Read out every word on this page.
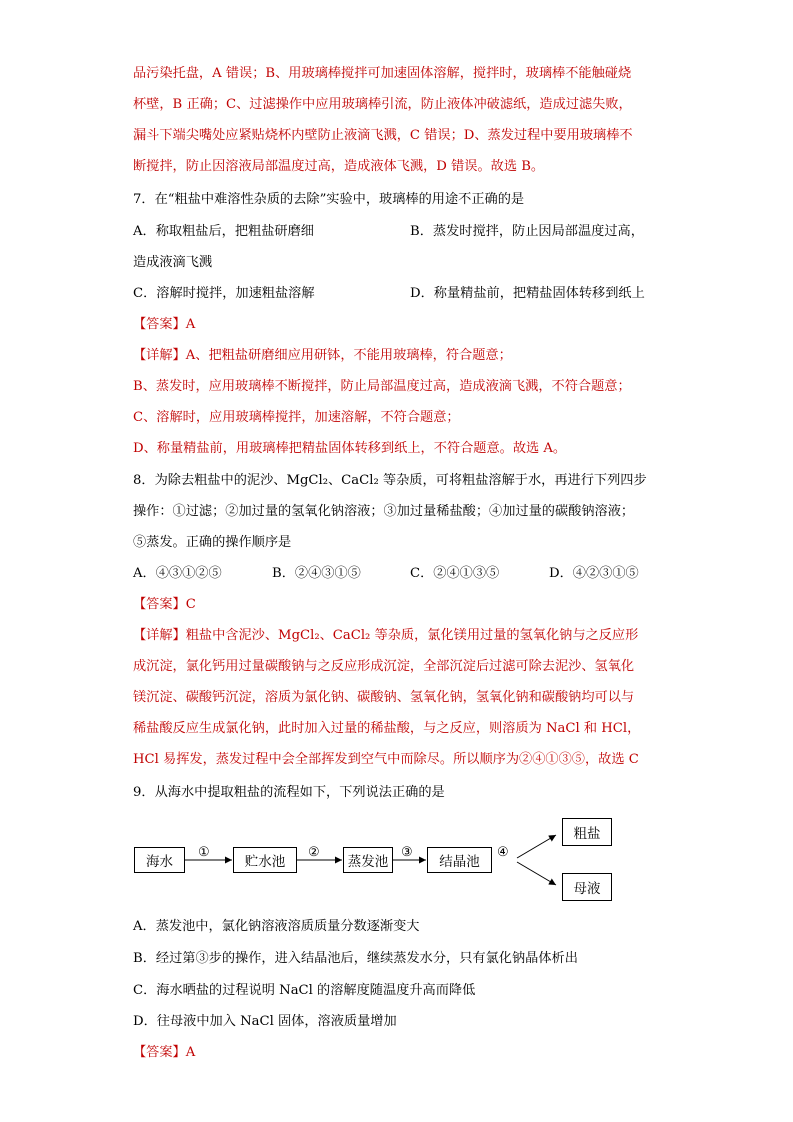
品污染托盘，A 错误；B、用玻璃棒搅拌可加速固体溶解，搅拌时，玻璃棒不能触碰烧
杯壁，B 正确；C、过滤操作中应用玻璃棒引流，防止液体冲破滤纸，造成过滤失败，
漏斗下端尖嘴处应紧贴烧杯内壁防止液滴飞溅，C 错误；D、蒸发过程中要用玻璃棒不
断搅拌，防止因溶液局部温度过高，造成液体飞溅，D 错误。故选 B。
7．在“粗盐中难溶性杂质的去除”实验中，玻璃棒的用途不正确的是
A．称取粗盐后，把粗盐研磨细	B．蒸发时搅拌，防止因局部温度过高，
造成液滴飞溅
C．溶解时搅拌，加速粗盐溶解	D．称量精盐前，把精盐固体转移到纸上
【答案】A
【详解】A、把粗盐研磨细应用研钵，不能用玻璃棒，符合题意；
B、蒸发时，应用玻璃棒不断搅拌，防止局部温度过高，造成液滴飞溅，不符合题意；
C、溶解时，应用玻璃棒搅拌，加速溶解，不符合题意；
D、称量精盐前，用玻璃棒把精盐固体转移到纸上，不符合题意。故选 A。
8．为除去粗盐中的泥沙、MgCl₂、CaCl₂ 等杂质，可将粗盐溶解于水，再进行下列四步
操作：①过滤；②加过量的氢氧化钠溶液；③加过量稀盐酸；④加过量的碳酸钠溶液；
⑤蒸发。正确的操作顺序是
A．④③①②⑤	B．②④③①⑤	C．②④①③⑤	D．④②③①⑤
【答案】C
【详解】粗盐中含泥沙、MgCl₂、CaCl₂ 等杂质，氯化镁用过量的氢氧化钠与之反应形
成沉淀，氯化钙用过量碳酸钠与之反应形成沉淀，全部沉淀后过滤可除去泥沙、氢氧化
镁沉淀、碳酸钙沉淀，溶质为氯化钠、碳酸钠、氢氧化钠，氢氧化钠和碳酸钠均可以与
稀盐酸反应生成氯化钠，此时加入过量的稀盐酸，与之反应，则溶质为 NaCl 和 HCl，
HCl 易挥发，蒸发过程中会全部挥发到空气中而除尽。所以顺序为②④①③⑤，故选 C
9．从海水中提取粗盐的流程如下，下列说法正确的是
海水	贮水池	蒸发池	结晶池
粗盐
母液
①	②	③	④
A．蒸发池中，氯化钠溶液溶质质量分数逐渐变大
B．经过第③步的操作，进入结晶池后，继续蒸发水分，只有氯化钠晶体析出
C．海水晒盐的过程说明 NaCl 的溶解度随温度升高而降低
D．往母液中加入 NaCl 固体，溶液质量增加
【答案】A
